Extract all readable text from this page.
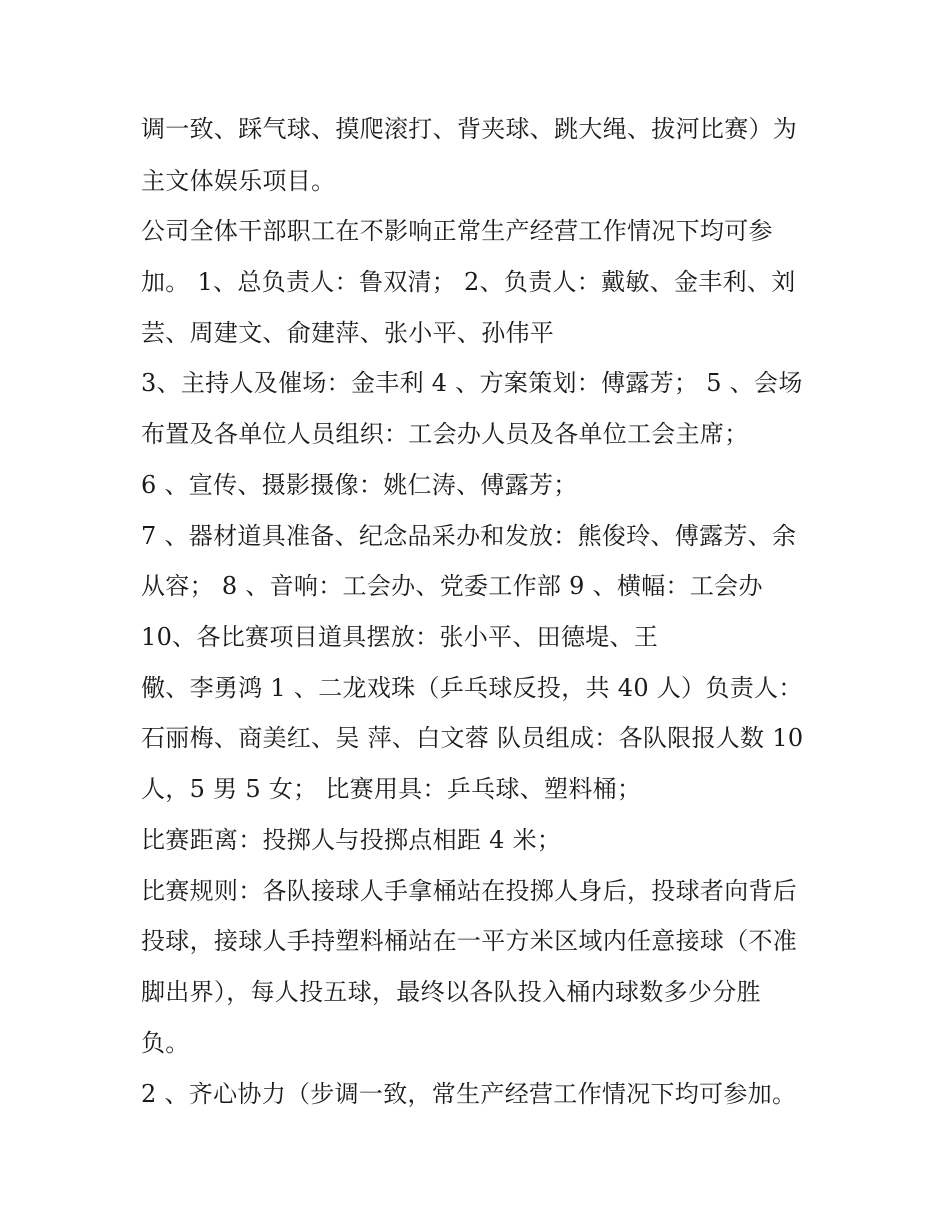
调一致、踩气球、摸爬滚打、背夹球、跳大绳、拔河比赛）为
主文体娱乐项目。
公司全体干部职工在不影响正常生产经营工作情况下均可参
加。 1、总负责人：鲁双清； 2、负责人：戴敏、金丰利、刘
芸、周建文、俞建萍、张小平、孙伟平
3、主持人及催场：金丰利 4 、方案策划：傅露芳； 5 、会场
布置及各单位人员组织：工会办人员及各单位工会主席；
6 、宣传、摄影摄像：姚仁涛、傅露芳；
7 、器材道具准备、纪念品采办和发放：熊俊玲、傅露芳、余
从容； 8 、音响：工会办、党委工作部 9 、横幅：工会办
10、各比赛项目道具摆放：张小平、田德堤、王
儆、李勇鸿 1 、二龙戏珠（乒乓球反投，共 40 人）负责人：
石丽梅、商美红、吴 萍、白文蓉 队员组成：各队限报人数 10
人，5 男 5 女； 比赛用具：乒乓球、塑料桶；
比赛距离：投掷人与投掷点相距 4 米；
比赛规则：各队接球人手拿桶站在投掷人身后，投球者向背后
投球，接球人手持塑料桶站在一平方米区域内任意接球（不准
脚出界），每人投五球，最终以各队投入桶内球数多少分胜
负。
2 、齐心协力（步调一致，常生产经营工作情况下均可参加。
